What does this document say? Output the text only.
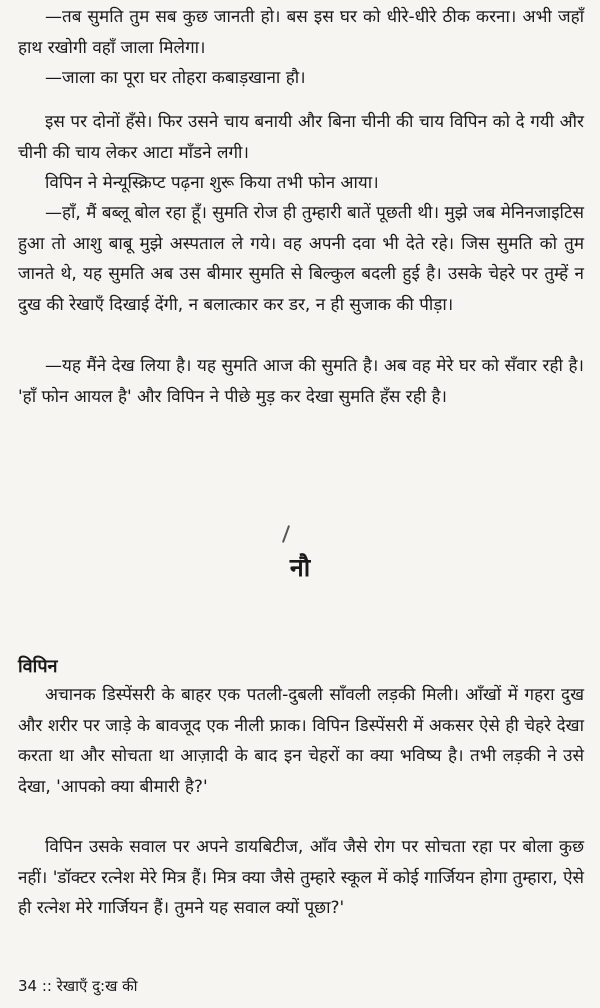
—तब सुमति तुम सब कुछ जानती हो। बस इस घर को धीरे-धीरे ठीक करना। अभी जहाँ हाथ रखोगी वहाँ जाला मिलेगा।

—जाला का पूरा घर तोहरा कबाड़खाना हौ।

इस पर दोनों हँसे। फिर उसने चाय बनायी और बिना चीनी की चाय विपिन को दे गयी और चीनी की चाय लेकर आटा माँडने लगी।

विपिन ने मेन्यूस्क्रिप्ट पढ़ना शुरू किया तभी फोन आया।

—हाँ, मैं बब्लू बोल रहा हूँ। सुमति रोज ही तुम्हारी बातें पूछती थी। मुझे जब मेनिनजाइटिस हुआ तो आशु बाबू मुझे अस्पताल ले गये। वह अपनी दवा भी देते रहे। जिस सुमति को तुम जानते थे, यह सुमति अब उस बीमार सुमति से बिल्कुल बदली हुई है। उसके चेहरे पर तुम्हें न दुख की रेखाएँ दिखाई देंगी, न बलात्कार कर डर, न ही सुजाक की पीड़ा।

—यह मैंने देख लिया है। यह सुमति आज की सुमति है। अब वह मेरे घर को सँवार रही है। 'हाँ फोन आयल है' और विपिन ने पीछे मुड़ कर देखा सुमति हँस रही है।

नौ
विपिन

अचानक डिस्पेंसरी के बाहर एक पतली-दुबली साँवली लड़की मिली। आँखों में गहरा दुख और शरीर पर जाड़े के बावजूद एक नीली फ्राक। विपिन डिस्पेंसरी में अकसर ऐसे ही चेहरे देखा करता था और सोचता था आज़ादी के बाद इन चेहरों का क्या भविष्य है। तभी लड़की ने उसे देखा, 'आपको क्या बीमारी है?'

विपिन उसके सवाल पर अपने डायबिटीज, आँव जैसे रोग पर सोचता रहा पर बोला कुछ नहीं। 'डॉक्टर रत्नेश मेरे मित्र हैं। मित्र क्या जैसे तुम्हारे स्कूल में कोई गार्जियन होगा तुम्हारा, ऐसे ही रत्नेश मेरे गार्जियन हैं। तुमने यह सवाल क्यों पूछा?'

34 :: रेखाएँ दु:ख की
